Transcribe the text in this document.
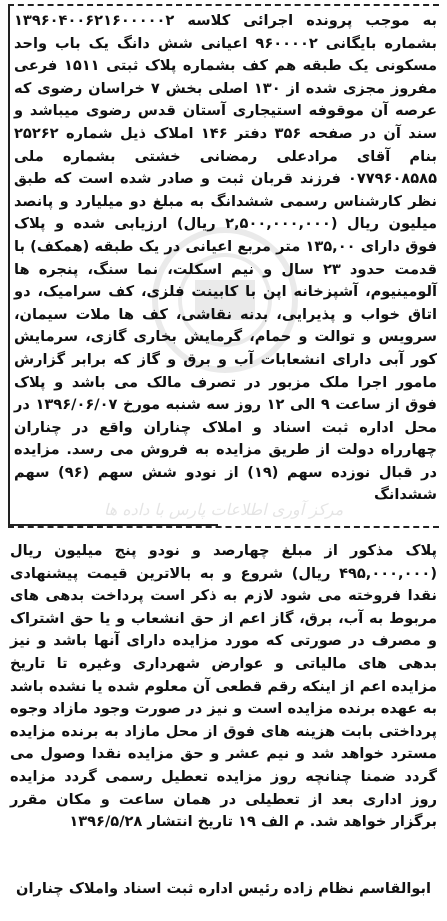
مرکز آوری اطلاعات پارس با داده ها
به موجب پرونده اجرائی کلاسه ۱۳۹۶۰۴۰۰۶۲۱۶۰۰۰۰۰۲ بشماره بایگانی ۹۶۰۰۰۰۲ اعیانی شش دانگ یک باب واحد مسکونی یک طبقه هم کف بشماره پلاک ثبتی ۱۵۱۱ فرعی مفروز مجزی شده از ۱۳۰ اصلی بخش ۷ خراسان رضوی که عرصه آن موقوفه استیجاری آستان قدس رضوی میباشد و سند آن در صفحه ۳۵۶ دفتر ۱۴۶ املاک ذیل شماره ۲۵۲۶۲ بنام آقای مرادعلی رمضانی خشتی بشماره ملی ۰۷۷۹۶۰۸۵۸۵ فرزند قربان ثبت و صادر شده است که طبق نظر کارشناس رسمی ششدانگ به مبلغ دو میلیارد و پانصد میلیون ریال (۲,۵۰۰,۰۰۰,۰۰۰ ریال) ارزیابی شده و پلاک فوق دارای ۱۳۵,۰۰ متر مربع اعیانی در یک طبقه (همکف) با قدمت حدود ۲۳ سال و نیم اسکلت، نما سنگ، پنجره ها آلومینیوم، آشپزخانه اپن با کابینت فلزی، کف سرامیک، دو اتاق خواب و پذیرایی، بدنه نقاشی، کف ها ملات سیمان، سرویس و توالت و حمام، گرمایش بخاری گازی، سرمایش کور آبی دارای انشعابات آب و برق و گاز که برابر گزارش مامور اجرا ملک مزبور در تصرف مالک می باشد و پلاک فوق از ساعت ۹ الی ۱۲ روز سه شنبه مورخ ۱۳۹۶/۰۶/۰۷ در محل اداره ثبت اسناد و املاک چناران واقع در چناران چهارراه دولت از طریق مزایده به فروش می رسد. مزایده در قبال نوزده سهم (۱۹) از نودو شش سهم (۹۶) سهم ششدانگ
پلاک مذکور از مبلغ چهارصد و نودو پنج میلیون ریال (۴۹۵,۰۰۰,۰۰۰ ریال) شروع و به بالاترین قیمت پیشنهادی نقدا فروخته می شود لازم به ذکر است پرداخت بدهی های مربوط به آب، برق، گاز اعم از حق انشعاب و یا حق اشتراک و مصرف در صورتی که مورد مزایده دارای آنها باشد و نیز بدهی های مالیاتی و عوارض شهرداری وغیره تا تاریخ مزایده اعم از اینکه رقم قطعی آن معلوم شده یا نشده باشد به عهده برنده مزایده است و نیز در صورت وجود مازاد وجوه پرداختی بابت هزینه های فوق از محل مازاد به برنده مزایده مسترد خواهد شد و نیم عشر و حق مزایده نقدا وصول می گردد ضمنا چنانچه روز مزایده تعطیل رسمی گردد مزایده روز اداری بعد از تعطیلی در همان ساعت و مکان مقرر برگزار خواهد شد. م الف ۱۹ تاریخ انتشار ۱۳۹۶/۵/۲۸
ابوالقاسم نظام زاده رئیس اداره ثبت اسناد واملاک چناران
